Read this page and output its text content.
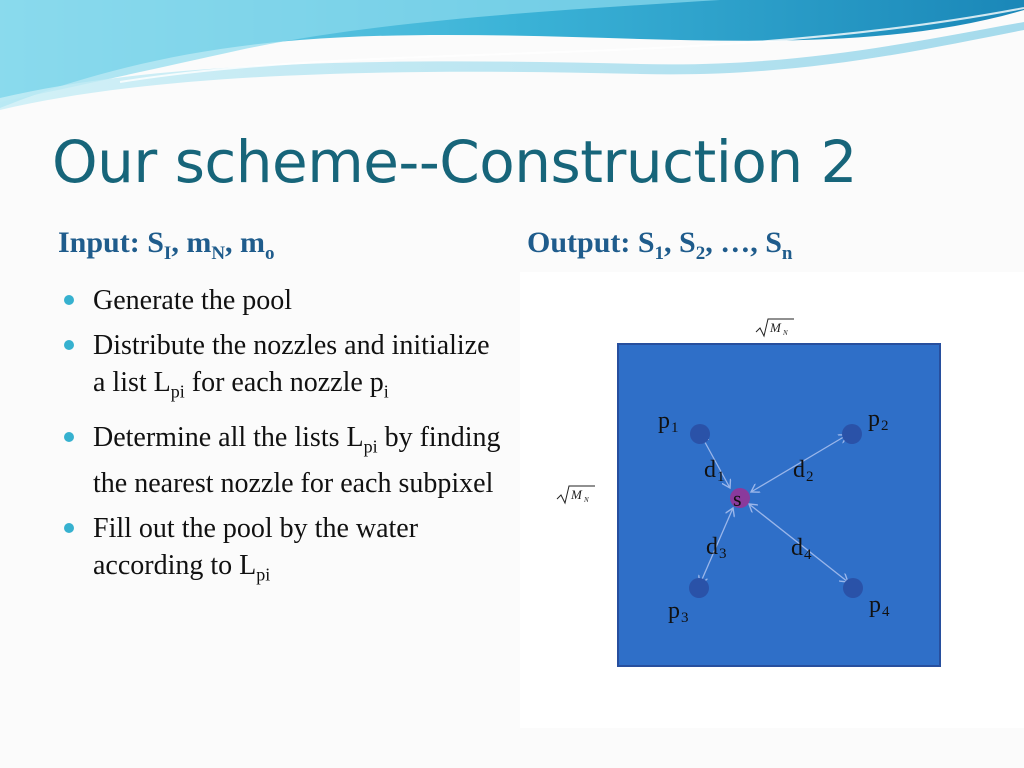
Our scheme--Construction 2
Input: $S_I$, $m_N$, $m_o$	Output: $S_1$, $S_2$, …, $S_n$
Generate the pool
Distribute the nozzles and initialize a list $L_{pi}$ for each nozzle $p_i$
Determine all the lists $L_{pi}$ by finding the nearest nozzle for each subpixel
Fill out the pool by the water according to $L_{pi}$
M N
M N	s
p 1	p 2
p 3	p 4
d 1	d 2
d 3	d 4
